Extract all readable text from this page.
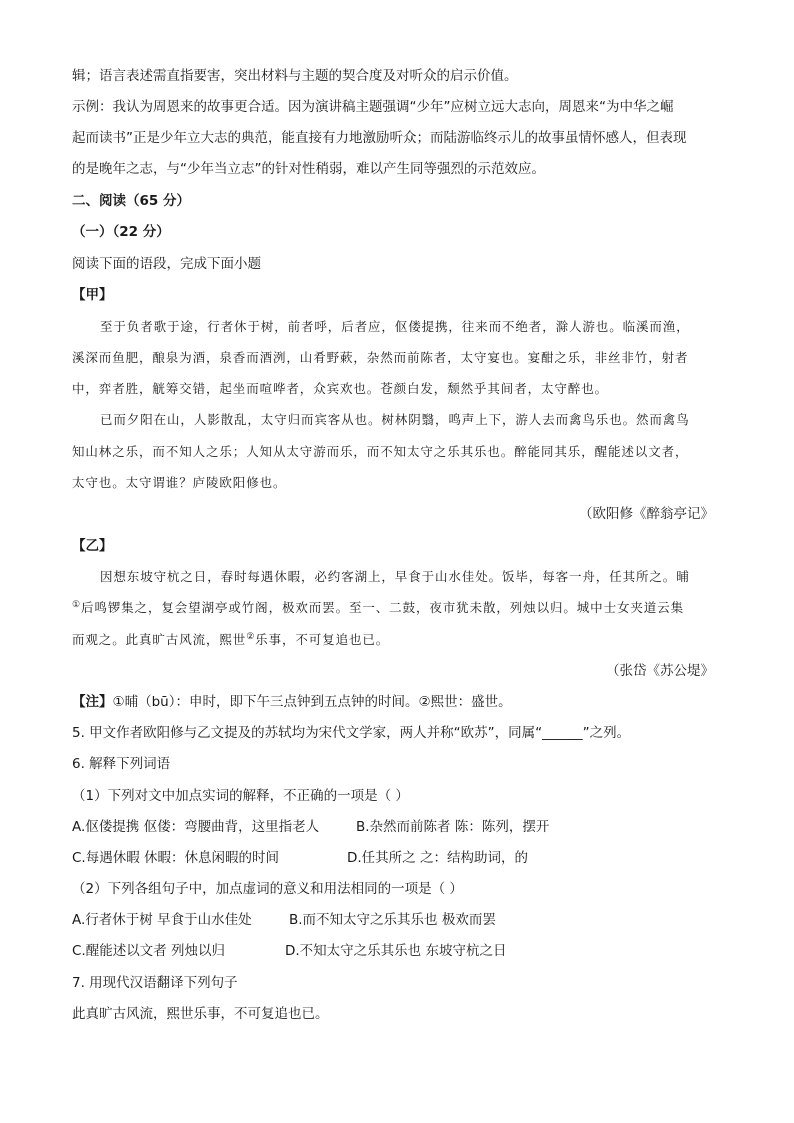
辑；语言表述需直指要害，突出材料与主题的契合度及对听众的启示价值。
示例：我认为周恩来的故事更合适。因为演讲稿主题强调“少年”应树立远大志向，周恩来“为中华之崛
起而读书”正是少年立大志的典范，能直接有力地激励听众；而陆游临终示儿的故事虽情怀感人，但表现
的是晚年之志，与“少年当立志”的针对性稍弱，难以产生同等强烈的示范效应。
二、阅读（65 分）
（一）（22 分）
阅读下面的语段，完成下面小题
【甲】
至于负者歌于途，行者休于树，前者呼，后者应，伛偻提携，往来而不绝者，滁人游也。临溪而渔，
溪深而鱼肥，酿泉为酒，泉香而酒洌，山肴野蔌，杂然而前陈者，太守宴也。宴酣之乐，非丝非竹，射者
中，弈者胜，觥筹交错，起坐而喧哗者，众宾欢也。苍颜白发，颓然乎其间者，太守醉也。
已而夕阳在山，人影散乱，太守归而宾客从也。树林阴翳，鸣声上下，游人去而禽鸟乐也。然而禽鸟
知山林之乐，而不知人之乐；人知从太守游而乐，而不知太守之乐其乐也。醉能同其乐，醒能述以文者，
太守也。太守谓谁？庐陵欧阳修也。
（欧阳修《醉翁亭记》
【乙】
因想东坡守杭之日，春时每遇休暇，必约客湖上，早食于山水佳处。饭毕，每客一舟，任其所之。晡
①后鸣锣集之，复会望湖亭或竹阁，极欢而罢。至一、二鼓，夜市犹未散，列烛以归。城中士女夹道云集
而观之。此真旷古风流，熙世②乐事，不可复追也已。
（张岱《苏公堤》
【注】①晡（bū）：申时，即下午三点钟到五点钟的时间。②熙世：盛世。
5. 甲文作者欧阳修与乙文提及的苏轼均为宋代文学家，两人并称“欧苏”，同属“______”之列。
6. 解释下列词语
（1）下列对文中加点实词的解释，不正确的一项是（ ）
A.伛偻提携 伛偻：弯腰曲背，这里指老人	B.杂然而前陈者 陈：陈列，摆开
C.每遇休暇 休暇：休息闲暇的时间	D.任其所之 之：结构助词，的
（2）下列各组句子中，加点虚词的意义和用法相同的一项是（ ）
A.行者休于树 早食于山水佳处	B.而不知太守之乐其乐也 极欢而罢
C.醒能述以文者 列烛以归	D.不知太守之乐其乐也 东坡守杭之日
7. 用现代汉语翻译下列句子
此真旷古风流，熙世乐事，不可复追也已。
